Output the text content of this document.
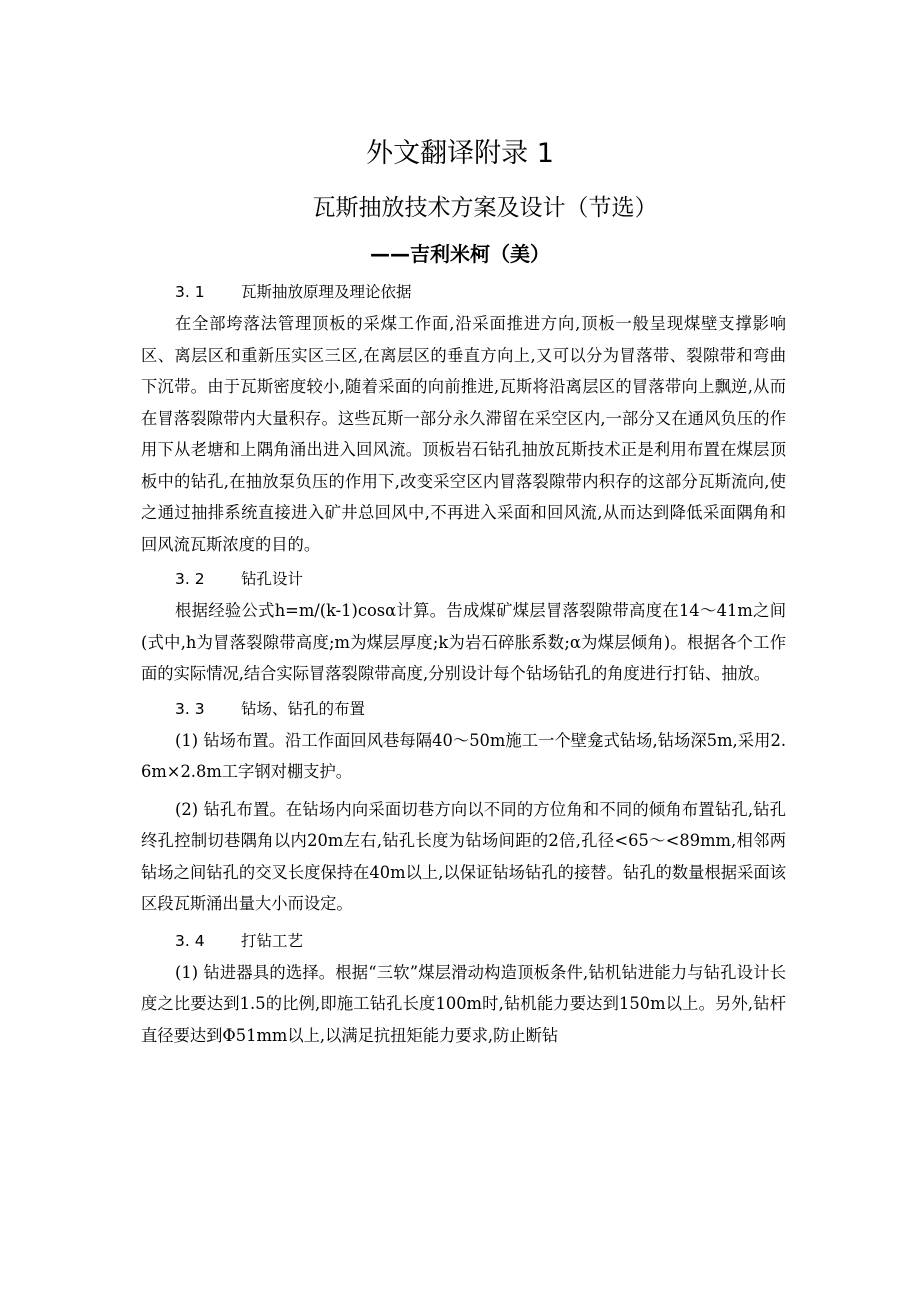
外文翻译附录 1
瓦斯抽放技术方案及设计（节选）
——吉利米柯（美）

3. 1 瓦斯抽放原理及理论依据

在全部垮落法管理顶板的采煤工作面,沿采面推进方向,顶板一般呈现煤壁支撑影响区、离层区和重新压实区三区,在离层区的垂直方向上,又可以分为冒落带、裂隙带和弯曲下沉带。由于瓦斯密度较小,随着采面的向前推进,瓦斯将沿离层区的冒落带向上飘逆,从而在冒落裂隙带内大量积存。这些瓦斯一部分永久滞留在采空区内,一部分又在通风负压的作用下从老塘和上隅角涌出进入回风流。顶板岩石钻孔抽放瓦斯技术正是利用布置在煤层顶板中的钻孔,在抽放泵负压的作用下,改变采空区内冒落裂隙带内积存的这部分瓦斯流向,使之通过抽排系统直接进入矿井总回风中,不再进入采面和回风流,从而达到降低采面隅角和回风流瓦斯浓度的目的。

3. 2 钻孔设计

根据经验公式h=m/(k-1)cosα计算。告成煤矿煤层冒落裂隙带高度在14～41m之间(式中,h为冒落裂隙带高度;m为煤层厚度;k为岩石碎胀系数;α为煤层倾角)。根据各个工作面的实际情况,结合实际冒落裂隙带高度,分别设计每个钻场钻孔的角度进行打钻、抽放。

3. 3 钻场、钻孔的布置

(1) 钻场布置。沿工作面回风巷每隔40～50m施工一个壁龛式钻场,钻场深5m,采用2.6m×2.8m工字钢对棚支护。

(2) 钻孔布置。在钻场内向采面切巷方向以不同的方位角和不同的倾角布置钻孔,钻孔终孔控制切巷隅角以内20m左右,钻孔长度为钻场间距的2倍,孔径<65～<89mm,相邻两钻场之间钻孔的交叉长度保持在40m以上,以保证钻场钻孔的接替。钻孔的数量根据采面该区段瓦斯涌出量大小而设定。

3. 4 打钻工艺

(1) 钻进器具的选择。根据“三软”煤层滑动构造顶板条件,钻机钻进能力与钻孔设计长度之比要达到1.5的比例,即施工钻孔长度100m时,钻机能力要达到150m以上。另外,钻杆直径要达到Φ51mm以上,以满足抗扭矩能力要求,防止断钻
